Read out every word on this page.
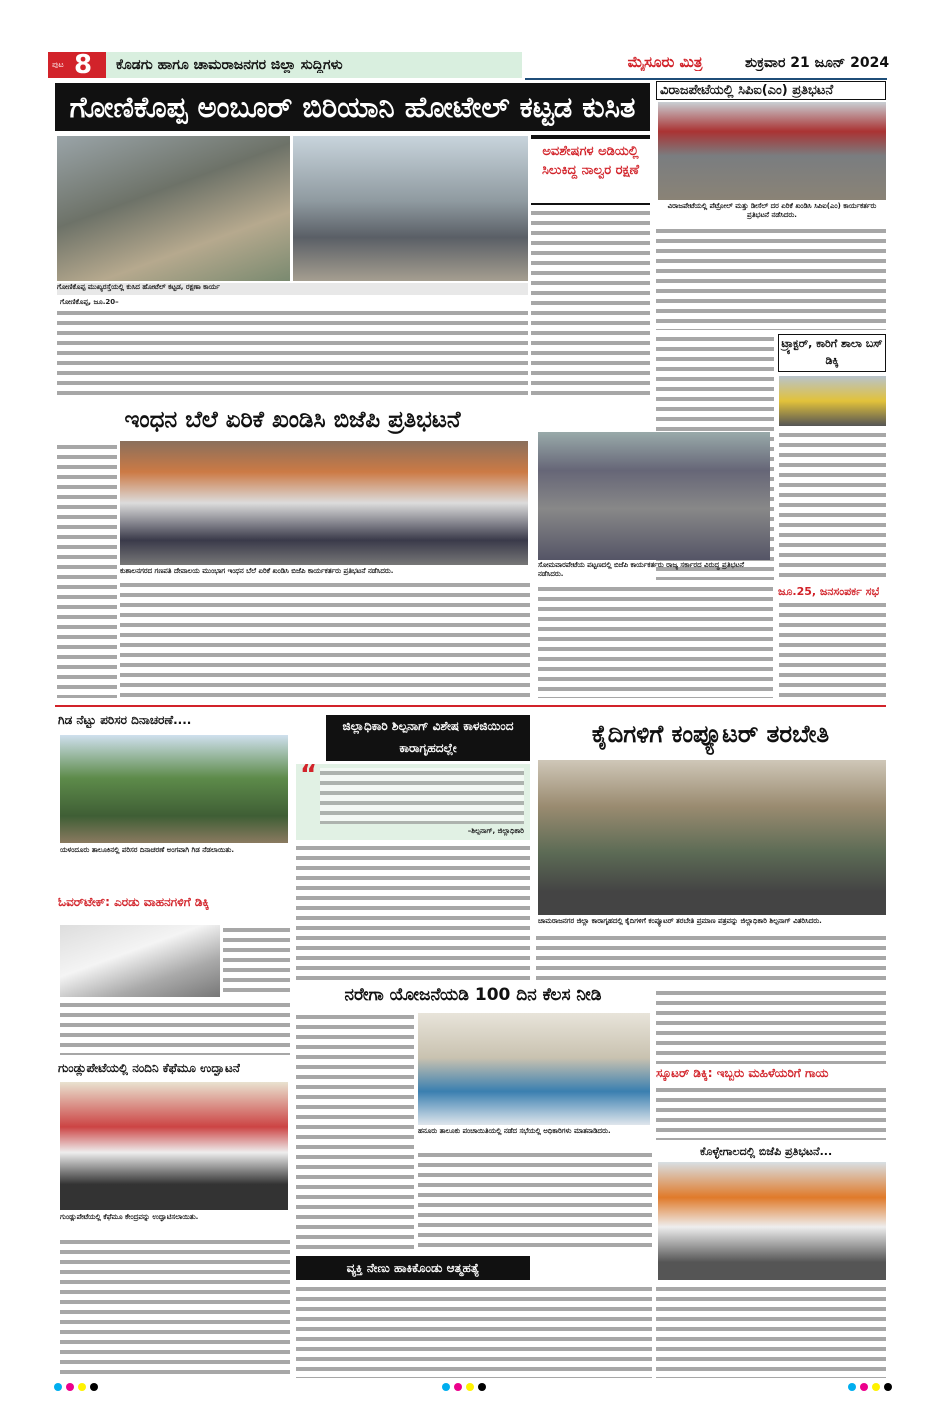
ಪುಟ 8 ಕೊಡಗು ಹಾಗೂ ಚಾಮರಾಜನಗರ ಜಿಲ್ಲಾ ಸುದ್ದಿಗಳು	ಮೈಸೂರು ಮಿತ್ರ	ಶುಕ್ರವಾರ 21 ಜೂನ್ 2024
ಗೋಣಿಕೊಪ್ಪ ಅಂಬೂರ್ ಬಿರಿಯಾನಿ ಹೋಟೇಲ್ ಕಟ್ಟಡ ಕುಸಿತ
ಅವಶೇಷಗಳ ಅಡಿಯಲ್ಲಿ ಸಿಲುಕಿದ್ದ ನಾಲ್ವರ ರಕ್ಷಣೆ
ಗೋಣಿಕೊಪ್ಪ ಮುಖ್ಯರಸ್ತೆಯಲ್ಲಿ ಕುಸಿದ ಹೋಟೆಲ್ ಕಟ್ಟಡ, ರಕ್ಷಣಾ ಕಾರ್ಯ
ಗೋಣಿಕೊಪ್ಪ, ಜೂ.20–
ವಿರಾಜಪೇಟೆಯಲ್ಲಿ ಸಿಪಿಐ(ಎಂ) ಪ್ರತಿಭಟನೆ
ವಿರಾಜಪೇಟೆಯಲ್ಲಿ ಪೆಟ್ರೋಲ್ ಮತ್ತು ಡೀಸೆಲ್ ದರ ಏರಿಕೆ ಖಂಡಿಸಿ ಸಿಪಿಐ(ಎಂ) ಕಾರ್ಯಕರ್ತರು ಪ್ರತಿಭಟನೆ ನಡೆಸಿದರು.
ಟ್ರ್ಯಾಕ್ಟರ್, ಕಾರಿಗೆ ಶಾಲಾ ಬಸ್ ಡಿಕ್ಕಿ
ಜೂ.25, ಜನಸಂಪರ್ಕ ಸಭೆ
ಇಂಧನ ಬೆಲೆ ಏರಿಕೆ ಖಂಡಿಸಿ ಬಿಜೆಪಿ ಪ್ರತಿಭಟನೆ
ಕುಶಾಲನಗರದ ಗಣಪತಿ ದೇವಾಲಯ ಮುಂಭಾಗ ಇಂಧನ ಬೆಲೆ ಏರಿಕೆ ಖಂಡಿಸಿ ಬಿಜೆಪಿ ಕಾರ್ಯಕರ್ತರು ಪ್ರತಿಭಟನೆ ನಡೆಸಿದರು.
ಸೋಮವಾರಪೇಟೆಯ ಪಟ್ಟಣದಲ್ಲಿ ಬಿಜೆಪಿ ಕಾರ್ಯಕರ್ತರು ರಾಜ್ಯ ಸರ್ಕಾರದ ವಿರುದ್ಧ ಪ್ರತಿಭಟನೆ ನಡೆಸಿದರು.
ಗಿಡ ನೆಟ್ಟು ಪರಿಸರ ದಿನಾಚರಣೆ....
ಯಳಂದೂರು ತಾಲೂಕಿನಲ್ಲಿ ಪರಿಸರ ದಿನಾಚರಣೆ ಅಂಗವಾಗಿ ಗಿಡ ನೆಡಲಾಯಿತು.
ಓವರ್‌ಟೇಕ್: ಎರಡು ವಾಹನಗಳಿಗೆ ಡಿಕ್ಕಿ
ಗುಂಡ್ಲುಪೇಟೆಯಲ್ಲಿ ನಂದಿನಿ ಕೆಫೆಮೂ ಉದ್ಘಾಟನೆ
ಗುಂಡ್ಲುಪೇಟೆಯಲ್ಲಿ ಕೆಫೆಮೂ ಕೇಂದ್ರವನ್ನು ಉದ್ಘಾಟಿಸಲಾಯಿತು.
ಜಿಲ್ಲಾಧಿಕಾರಿ ಶಿಲ್ಪನಾಗ್ ವಿಶೇಷ ಕಾಳಜಿಯಿಂದ ಕಾರಾಗೃಹದಲ್ಲೇ
“
–ಶಿಲ್ಪನಾಗ್, ಜಿಲ್ಲಾಧಿಕಾರಿ
ನರೇಗಾ ಯೋಜನೆಯಡಿ 100 ದಿನ ಕೆಲಸ ನೀಡಿ
ಹನೂರು ತಾಲೂಕು ಪಂಚಾಯಿತಿಯಲ್ಲಿ ನಡೆದ ಸಭೆಯಲ್ಲಿ ಅಧಿಕಾರಿಗಳು ಮಾತನಾಡಿದರು.
ವ್ಯಕ್ತಿ ನೇಣು ಹಾಕಿಕೊಂಡು ಆತ್ಮಹತ್ಯೆ
ಕೈದಿಗಳಿಗೆ ಕಂಪ್ಯೂಟರ್ ತರಬೇತಿ
ಚಾಮರಾಜನಗರ ಜಿಲ್ಲಾ ಕಾರಾಗೃಹದಲ್ಲಿ ಕೈದಿಗಳಿಗೆ ಕಂಪ್ಯೂಟರ್ ತರಬೇತಿ ಪ್ರಮಾಣ ಪತ್ರವನ್ನು ಜಿಲ್ಲಾಧಿಕಾರಿ ಶಿಲ್ಪನಾಗ್ ವಿತರಿಸಿದರು.
ಸ್ಕೂಟರ್ ಡಿಕ್ಕಿ: ಇಬ್ಬರು ಮಹಿಳೆಯರಿಗೆ ಗಾಯ
ಕೊಳ್ಳೇಗಾಲದಲ್ಲಿ ಬಿಜೆಪಿ ಪ್ರತಿಭಟನೆ...
